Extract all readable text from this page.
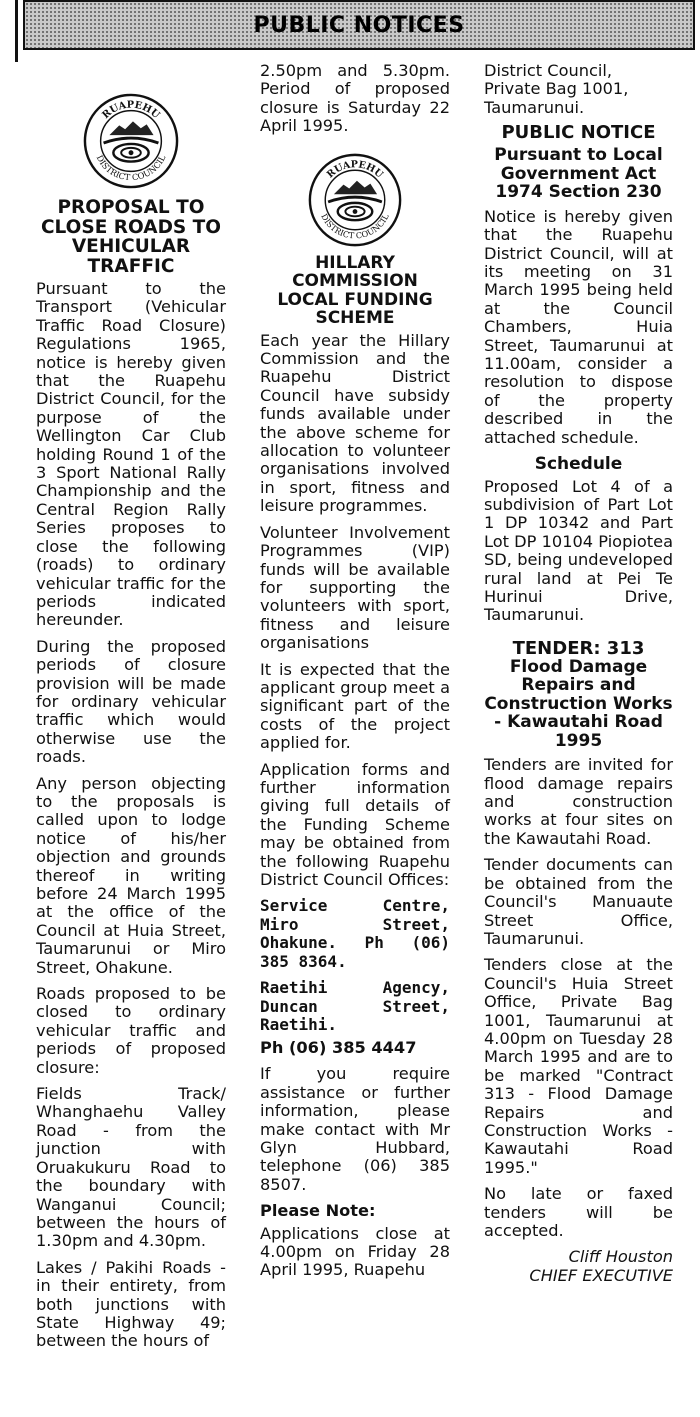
PUBLIC NOTICES
RUAPEHU
DISTRICT COUNCIL
PROPOSAL TO CLOSE ROADS TO VEHICULAR TRAFFIC

Pursuant to the Transport (Vehicular Traffic Road Closure) Regulations 1965, notice is hereby given that the Ruapehu District Council, for the purpose of the Wellington Car Club holding Round 1 of the 3 Sport National Rally Championship and the Central Region Rally Series proposes to close the following (roads) to ordinary vehicular traffic for the periods indicated hereunder.

During the proposed periods of closure provision will be made for ordinary vehicular traffic which would otherwise use the roads.

Any person objecting to the proposals is called upon to lodge notice of his/her objection and grounds thereof in writing before 24 March 1995 at the office of the Council at Huia Street, Taumarunui or Miro Street, Ohakune.

Roads proposed to be closed to ordinary vehicular traffic and periods of proposed closure:

Fields Track/ Whanghaehu Valley Road - from the junction with Oruakukuru Road to the boundary with Wanganui Council; between the hours of 1.30pm and 4.30pm.

Lakes / Pakihi Roads - in their entirety, from both junctions with State Highway 49; between the hours of

2.50pm and 5.30pm. Period of proposed closure is Saturday 22 April 1995.

RUAPEHU
DISTRICT COUNCIL
HILLARY COMMISSION LOCAL FUNDING SCHEME

Each year the Hillary Commission and the Ruapehu District Council have subsidy funds available under the above scheme for allocation to volunteer organisations involved in sport, fitness and leisure programmes.

Volunteer Involvement Programmes (VIP) funds will be available for supporting the volunteers with sport, fitness and leisure organisations

It is expected that the applicant group meet a significant part of the costs of the project applied for.

Application forms and further information giving full details of the Funding Scheme may be obtained from the following Ruapehu District Council Offices:

Service Centre, Miro Street, Ohakune. Ph (06) 385 8364.

Raetihi Agency, Duncan Street, Raetihi.

Ph (06) 385 4447

If you require assistance or further information, please make contact with Mr Glyn Hubbard, telephone (06) 385 8507.

Please Note:

Applications close at 4.00pm on Friday 28 April 1995, Ruapehu

District Council, Private Bag 1001, Taumarunui.

PUBLIC NOTICE
Pursuant to Local Government Act 1974 Section 230

Notice is hereby given that the Ruapehu District Council, will at its meeting on 31 March 1995 being held at the Council Chambers, Huia Street, Taumarunui at 11.00am, consider a resolution to dispose of the property described in the attached schedule.

Schedule

Proposed Lot 4 of a subdivision of Part Lot 1 DP 10342 and Part Lot DP 10104 Piopiotea SD, being undeveloped rural land at Pei Te Hurinui Drive, Taumarunui.

TENDER: 313
Flood Damage Repairs and Construction Works - Kawautahi Road 1995

Tenders are invited for flood damage repairs and construction works at four sites on the Kawautahi Road.

Tender documents can be obtained from the Council's Manuaute Street Office, Taumarunui.

Tenders close at the Council's Huia Street Office, Private Bag 1001, Taumarunui at 4.00pm on Tuesday 28 March 1995 and are to be marked "Contract 313 - Flood Damage Repairs and Construction Works - Kawautahi Road 1995."

No late or faxed tenders will be accepted.

Cliff Houston

CHIEF EXECUTIVE
